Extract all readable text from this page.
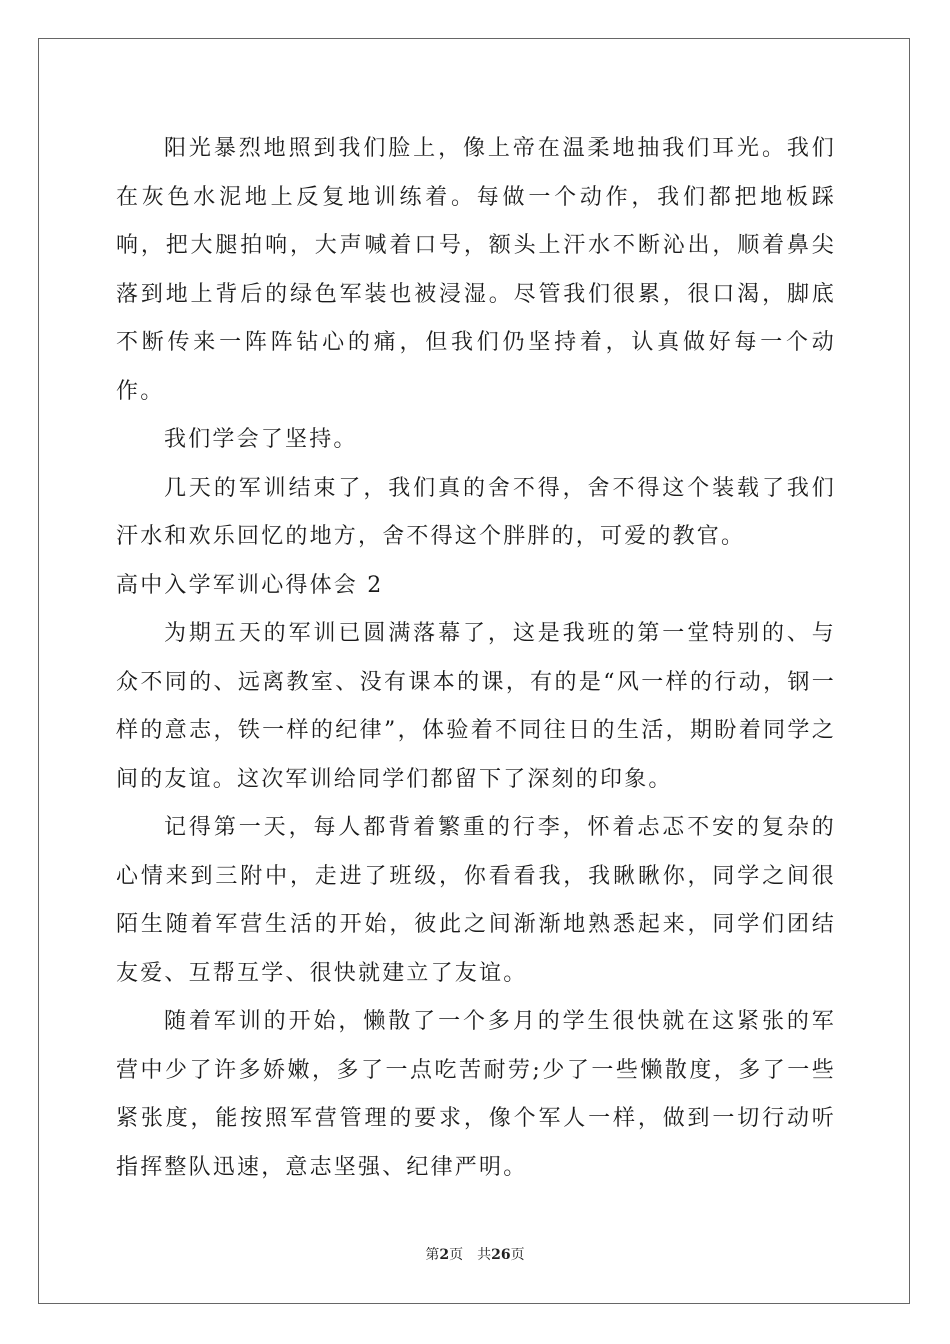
阳光暴烈地照到我们脸上，像上帝在温柔地抽我们耳光。我们在灰色水泥地上反复地训练着。每做一个动作，我们都把地板踩响，把大腿拍响，大声喊着口号，额头上汗水不断沁出，顺着鼻尖落到地上背后的绿色军装也被浸湿。尽管我们很累，很口渴，脚底不断传来一阵阵钻心的痛，但我们仍坚持着，认真做好每一个动作。

我们学会了坚持。

几天的军训结束了，我们真的舍不得，舍不得这个装载了我们汗水和欢乐回忆的地方，舍不得这个胖胖的，可爱的教官。

高中入学军训心得体会 2

为期五天的军训已圆满落幕了，这是我班的第一堂特别的、与众不同的、远离教室、没有课本的课，有的是“风一样的行动，钢一样的意志，铁一样的纪律”，体验着不同往日的生活，期盼着同学之间的友谊。这次军训给同学们都留下了深刻的印象。

记得第一天，每人都背着繁重的行李，怀着忐忑不安的复杂的心情来到三附中，走进了班级，你看看我，我瞅瞅你，同学之间很陌生随着军营生活的开始，彼此之间渐渐地熟悉起来，同学们团结友爱、互帮互学、很快就建立了友谊。

随着军训的开始，懒散了一个多月的学生很快就在这紧张的军营中少了许多娇嫩，多了一点吃苦耐劳;少了一些懒散度，多了一些紧张度，能按照军营管理的要求，像个军人一样，做到一切行动听指挥整队迅速，意志坚强、纪律严明。

第2页 共26页
